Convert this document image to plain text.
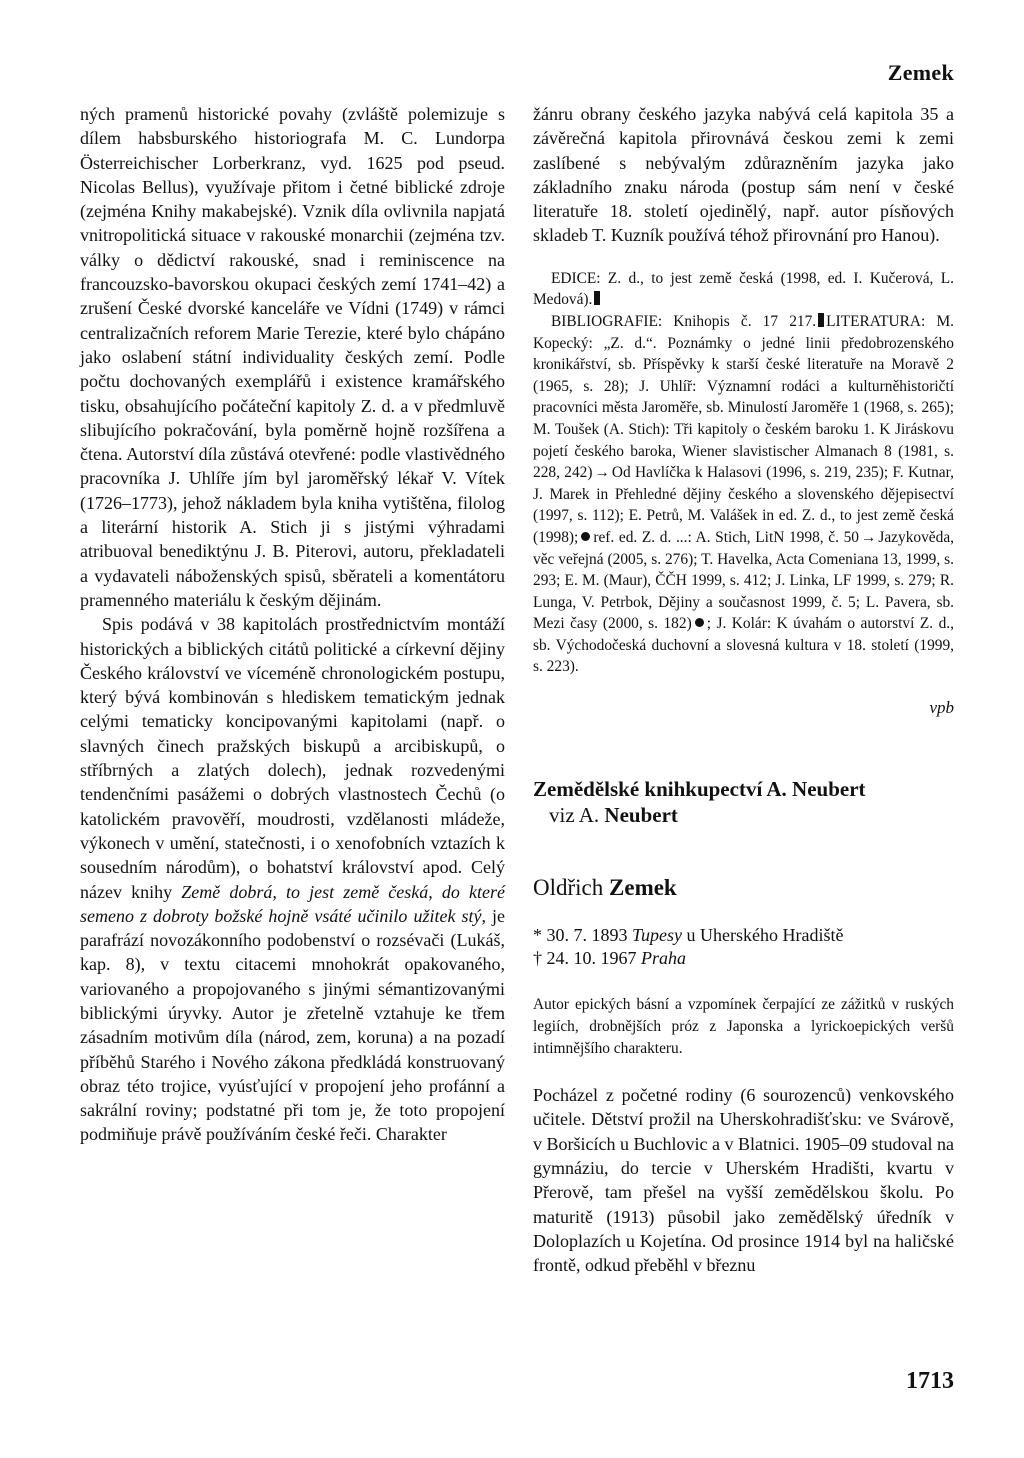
Zemek

ných pramenů historické povahy (zvláště polemizuje s dílem habsburského historiografa M. C. Lundorpa Österreichischer Lorberkranz, vyd. 1625 pod pseud. Nicolas Bellus), využívaje přitom i četné biblické zdroje (zejména Knihy makabejské). Vznik díla ovlivnila napjatá vnitropolitická situace v rakouské monarchii (zejména tzv. války o dědictví rakouské, snad i reminiscence na francouzsko-bavorskou okupaci českých zemí 1741–42) a zrušení České dvorské kanceláře ve Vídni (1749) v rámci centralizačních reforem Marie Terezie, které bylo chápáno jako oslabení státní individuality českých zemí. Podle počtu dochovaných exemplářů i existence kramářského tisku, obsahujícího počáteční kapitoly Z. d. a v předmluvě slibujícího pokračování, byla poměrně hojně rozšířena a čtena. Autorství díla zůstává otevřené: podle vlastivědného pracovníka J. Uhlíře jím byl jaroměřský lékař V. Vítek (1726–1773), jehož nákladem byla kniha vytištěna, filolog a literární historik A. Stich ji s jistými výhradami atribuoval benediktýnu J. B. Piterovi, autoru, překladateli a vydavateli náboženských spisů, sběrateli a komentátoru pramenného materiálu k českým dějinám.

Spis podává v 38 kapitolách prostřednictvím montáží historických a biblických citátů politické a církevní dějiny Českého království ve víceméně chronologickém postupu, který bývá kombinován s hlediskem tematickým jednak celými tematicky koncipovanými kapitolami (např. o slavných činech pražských biskupů a arcibiskupů, o stříbrných a zlatých dolech), jednak rozvedenými tendenčními pasážemi o dobrých vlastnostech Čechů (o katolickém pravověří, moudrosti, vzdělanosti mládeže, výkonech v umění, statečnosti, i o xenofobních vztazích k sousedním národům), o bohatství království apod. Celý název knihy Země dobrá, to jest země česká, do které semeno z dobroty božské hojně vsáté učinilo užitek stý, je parafrází novozákonního podobenství o rozsévači (Lukáš, kap. 8), v textu citacemi mnohokrát opakovaného, variovaného a propojovaného s jinými sémantizovanými biblickými úryvky. Autor je zřetelně vztahuje ke třem zásadním motivům díla (národ, zem, koruna) a na pozadí příběhů Starého i Nového zákona předkládá konstruovaný obraz této trojice, vyúsťující v propojení jeho profánní a sakrální roviny; podstatné při tom je, že toto propojení podmiňuje právě používáním české řeči. Charakter

žánru obrany českého jazyka nabývá celá kapitola 35 a závěrečná kapitola přirovnává českou zemi k zemi zaslíbené s nebývalým zdůrazněním jazyka jako základního znaku národa (postup sám není v české literatuře 18. století ojedinělý, např. autor písňových skladeb T. Kuzník používá téhož přirovnání pro Hanou).

EDICE: Z. d., to jest země česká (1998, ed. I. Kučerová, L. Medová).

BIBLIOGRAFIE: Knihopis č. 17 217. LITERATURA: M. Kopecký: „Z. d.“. Poznámky o jedné linii předobrozenského kronikářství, sb. Příspěvky k starší české literatuře na Moravě 2 (1965, s. 28); J. Uhlíř: Významní rodáci a kulturněhistoričtí pracovníci města Jaroměře, sb. Minulostí Jaroměře 1 (1968, s. 265); M. Toušek (A. Stich): Tři kapitoly o českém baroku 1. K Jiráskovu pojetí českého baroka, Wiener slavistischer Almanach 8 (1981, s. 228, 242) → Od Havlíčka k Halasovi (1996, s. 219, 235); F. Kutnar, J. Marek in Přehledné dějiny českého a slovenského dějepisectví (1997, s. 112); E. Petrů, M. Valášek in ed. Z. d., to jest země česká (1998); ref. ed. Z. d. ...: A. Stich, LitN 1998, č. 50 → Jazykověda, věc veřejná (2005, s. 276); T. Havelka, Acta Comeniana 13, 1999, s. 293; E. M. (Maur), ČČH 1999, s. 412; J. Linka, LF 1999, s. 279; R. Lunga, V. Petrbok, Dějiny a současnost 1999, č. 5; L. Pavera, sb. Mezi časy (2000, s. 182) ; J. Kolár: K úvahám o autorství Z. d., sb. Východočeská duchovní a slovesná kultura v 18. století (1999, s. 223).

vpb
Zemědělské knihkupectví A. Neubert
viz A. Neubert
Oldřich Zemek
* 30. 7. 1893 Tupesy u Uherského Hradiště
† 24. 10. 1967 Praha

Autor epických básní a vzpomínek čerpající ze zážitků v ruských legiích, drobnějších próz z Japonska a lyrickoepických veršů intimnějšího charakteru.

Pocházel z početné rodiny (6 sourozenců) venkovského učitele. Dětství prožil na Uherskohradišťsku: ve Svárově, v Boršicích u Buchlovic a v Blatnici. 1905–09 studoval na gymnáziu, do tercie v Uherském Hradišti, kvartu v Přerově, tam přešel na vyšší zemědělskou školu. Po maturitě (1913) působil jako zemědělský úředník v Doloplazích u Kojetína. Od prosince 1914 byl na haličské frontě, odkud přeběhl v březnu

1713
